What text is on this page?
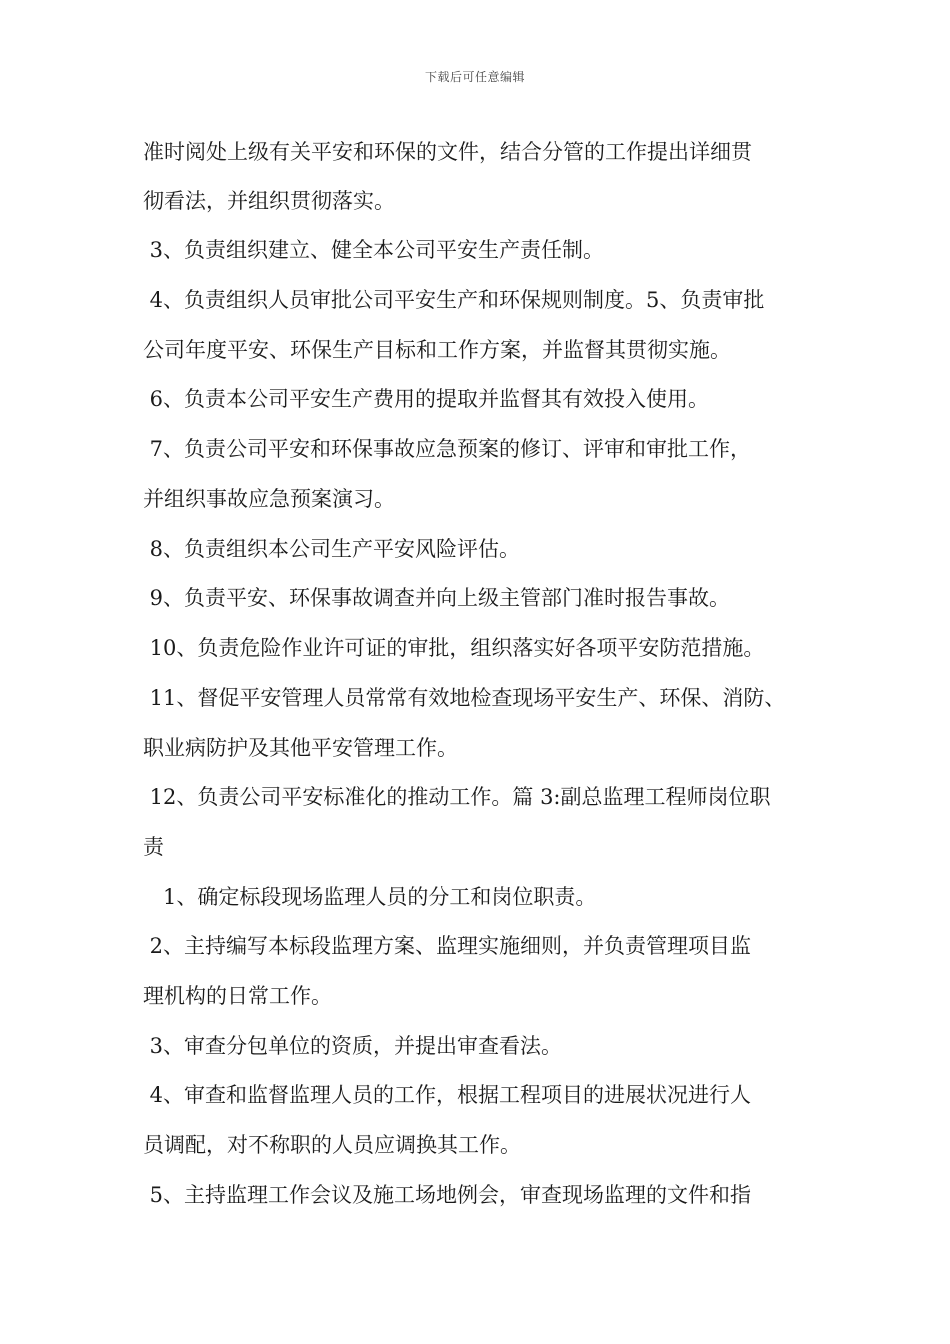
下载后可任意编辑
准时阅处上级有关平安和环保的文件，结合分管的工作提出详细贯
彻看法，并组织贯彻落实。
3、负责组织建立、健全本公司平安生产责任制。
4、负责组织人员审批公司平安生产和环保规则制度。5、负责审批
公司年度平安、环保生产目标和工作方案，并监督其贯彻实施。
6、负责本公司平安生产费用的提取并监督其有效投入使用。
7、负责公司平安和环保事故应急预案的修订、评审和审批工作，
并组织事故应急预案演习。
8、负责组织本公司生产平安风险评估。
9、负责平安、环保事故调查并向上级主管部门准时报告事故。
10、负责危险作业许可证的审批，组织落实好各项平安防范措施。
11、督促平安管理人员常常有效地检查现场平安生产、环保、消防、
职业病防护及其他平安管理工作。
12、负责公司平安标准化的推动工作。篇 3:副总监理工程师岗位职
责
1、确定标段现场监理人员的分工和岗位职责。
2、主持编写本标段监理方案、监理实施细则，并负责管理项目监
理机构的日常工作。
3、审查分包单位的资质，并提出审查看法。
4、审查和监督监理人员的工作，根据工程项目的进展状况进行人
员调配，对不称职的人员应调换其工作。
5、主持监理工作会议及施工场地例会，审查现场监理的文件和指
